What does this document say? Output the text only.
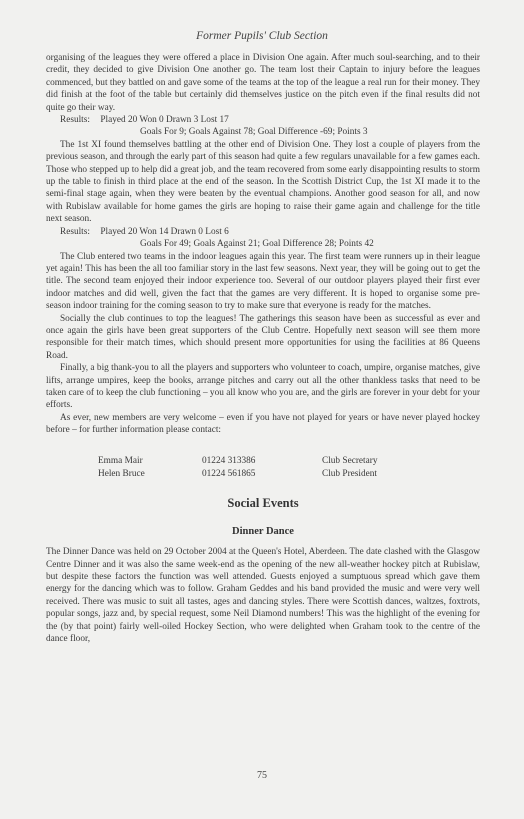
Former Pupils' Club Section

organising of the leagues they were offered a place in Division One again. After much soul-searching, and to their credit, they decided to give Division One another go. The team lost their Captain to injury before the leagues commenced, but they battled on and gave some of the teams at the top of the league a real run for their money. They did finish at the foot of the table but certainly did themselves justice on the pitch even if the final results did not quite go their way.

Results: Played 20 Won 0 Drawn 3 Lost 17
Goals For 9; Goals Against 78; Goal Difference -69; Points 3

The 1st XI found themselves battling at the other end of Division One. They lost a couple of players from the previous season, and through the early part of this season had quite a few regulars unavailable for a few games each. Those who stepped up to help did a great job, and the team recovered from some early disappointing results to storm up the table to finish in third place at the end of the season. In the Scottish District Cup, the 1st XI made it to the semi-final stage again, when they were beaten by the eventual champions. Another good season for all, and now with Rubislaw available for home games the girls are hoping to raise their game again and challenge for the title next season.

Results: Played 20 Won 14 Drawn 0 Lost 6
Goals For 49; Goals Against 21; Goal Difference 28; Points 42

The Club entered two teams in the indoor leagues again this year. The first team were runners up in their league yet again! This has been the all too familiar story in the last few seasons. Next year, they will be going out to get the title. The second team enjoyed their indoor experience too. Several of our outdoor players played their first ever indoor matches and did well, given the fact that the games are very different. It is hoped to organise some pre-season indoor training for the coming season to try to make sure that everyone is ready for the matches.

Socially the club continues to top the leagues! The gatherings this season have been as successful as ever and once again the girls have been great supporters of the Club Centre. Hopefully next season will see them more responsible for their match times, which should present more opportunities for using the facilities at 86 Queens Road.

Finally, a big thank-you to all the players and supporters who volunteer to coach, umpire, organise matches, give lifts, arrange umpires, keep the books, arrange pitches and carry out all the other thankless tasks that need to be taken care of to keep the club functioning – you all know who you are, and the girls are forever in your debt for your efforts.

As ever, new members are very welcome – even if you have not played for years or have never played hockey before – for further information please contact:

Emma Mair	01224 313386	Club Secretary
Helen Bruce	01224 561865	Club President
Social Events
Dinner Dance

The Dinner Dance was held on 29 October 2004 at the Queen's Hotel, Aberdeen. The date clashed with the Glasgow Centre Dinner and it was also the same week-end as the opening of the new all-weather hockey pitch at Rubislaw, but despite these factors the function was well attended. Guests enjoyed a sumptuous spread which gave them energy for the dancing which was to follow. Graham Geddes and his band provided the music and were very well received. There was music to suit all tastes, ages and dancing styles. There were Scottish dances, waltzes, foxtrots, popular songs, jazz and, by special request, some Neil Diamond numbers! This was the highlight of the evening for the (by that point) fairly well-oiled Hockey Section, who were delighted when Graham took to the centre of the dance floor,

75
